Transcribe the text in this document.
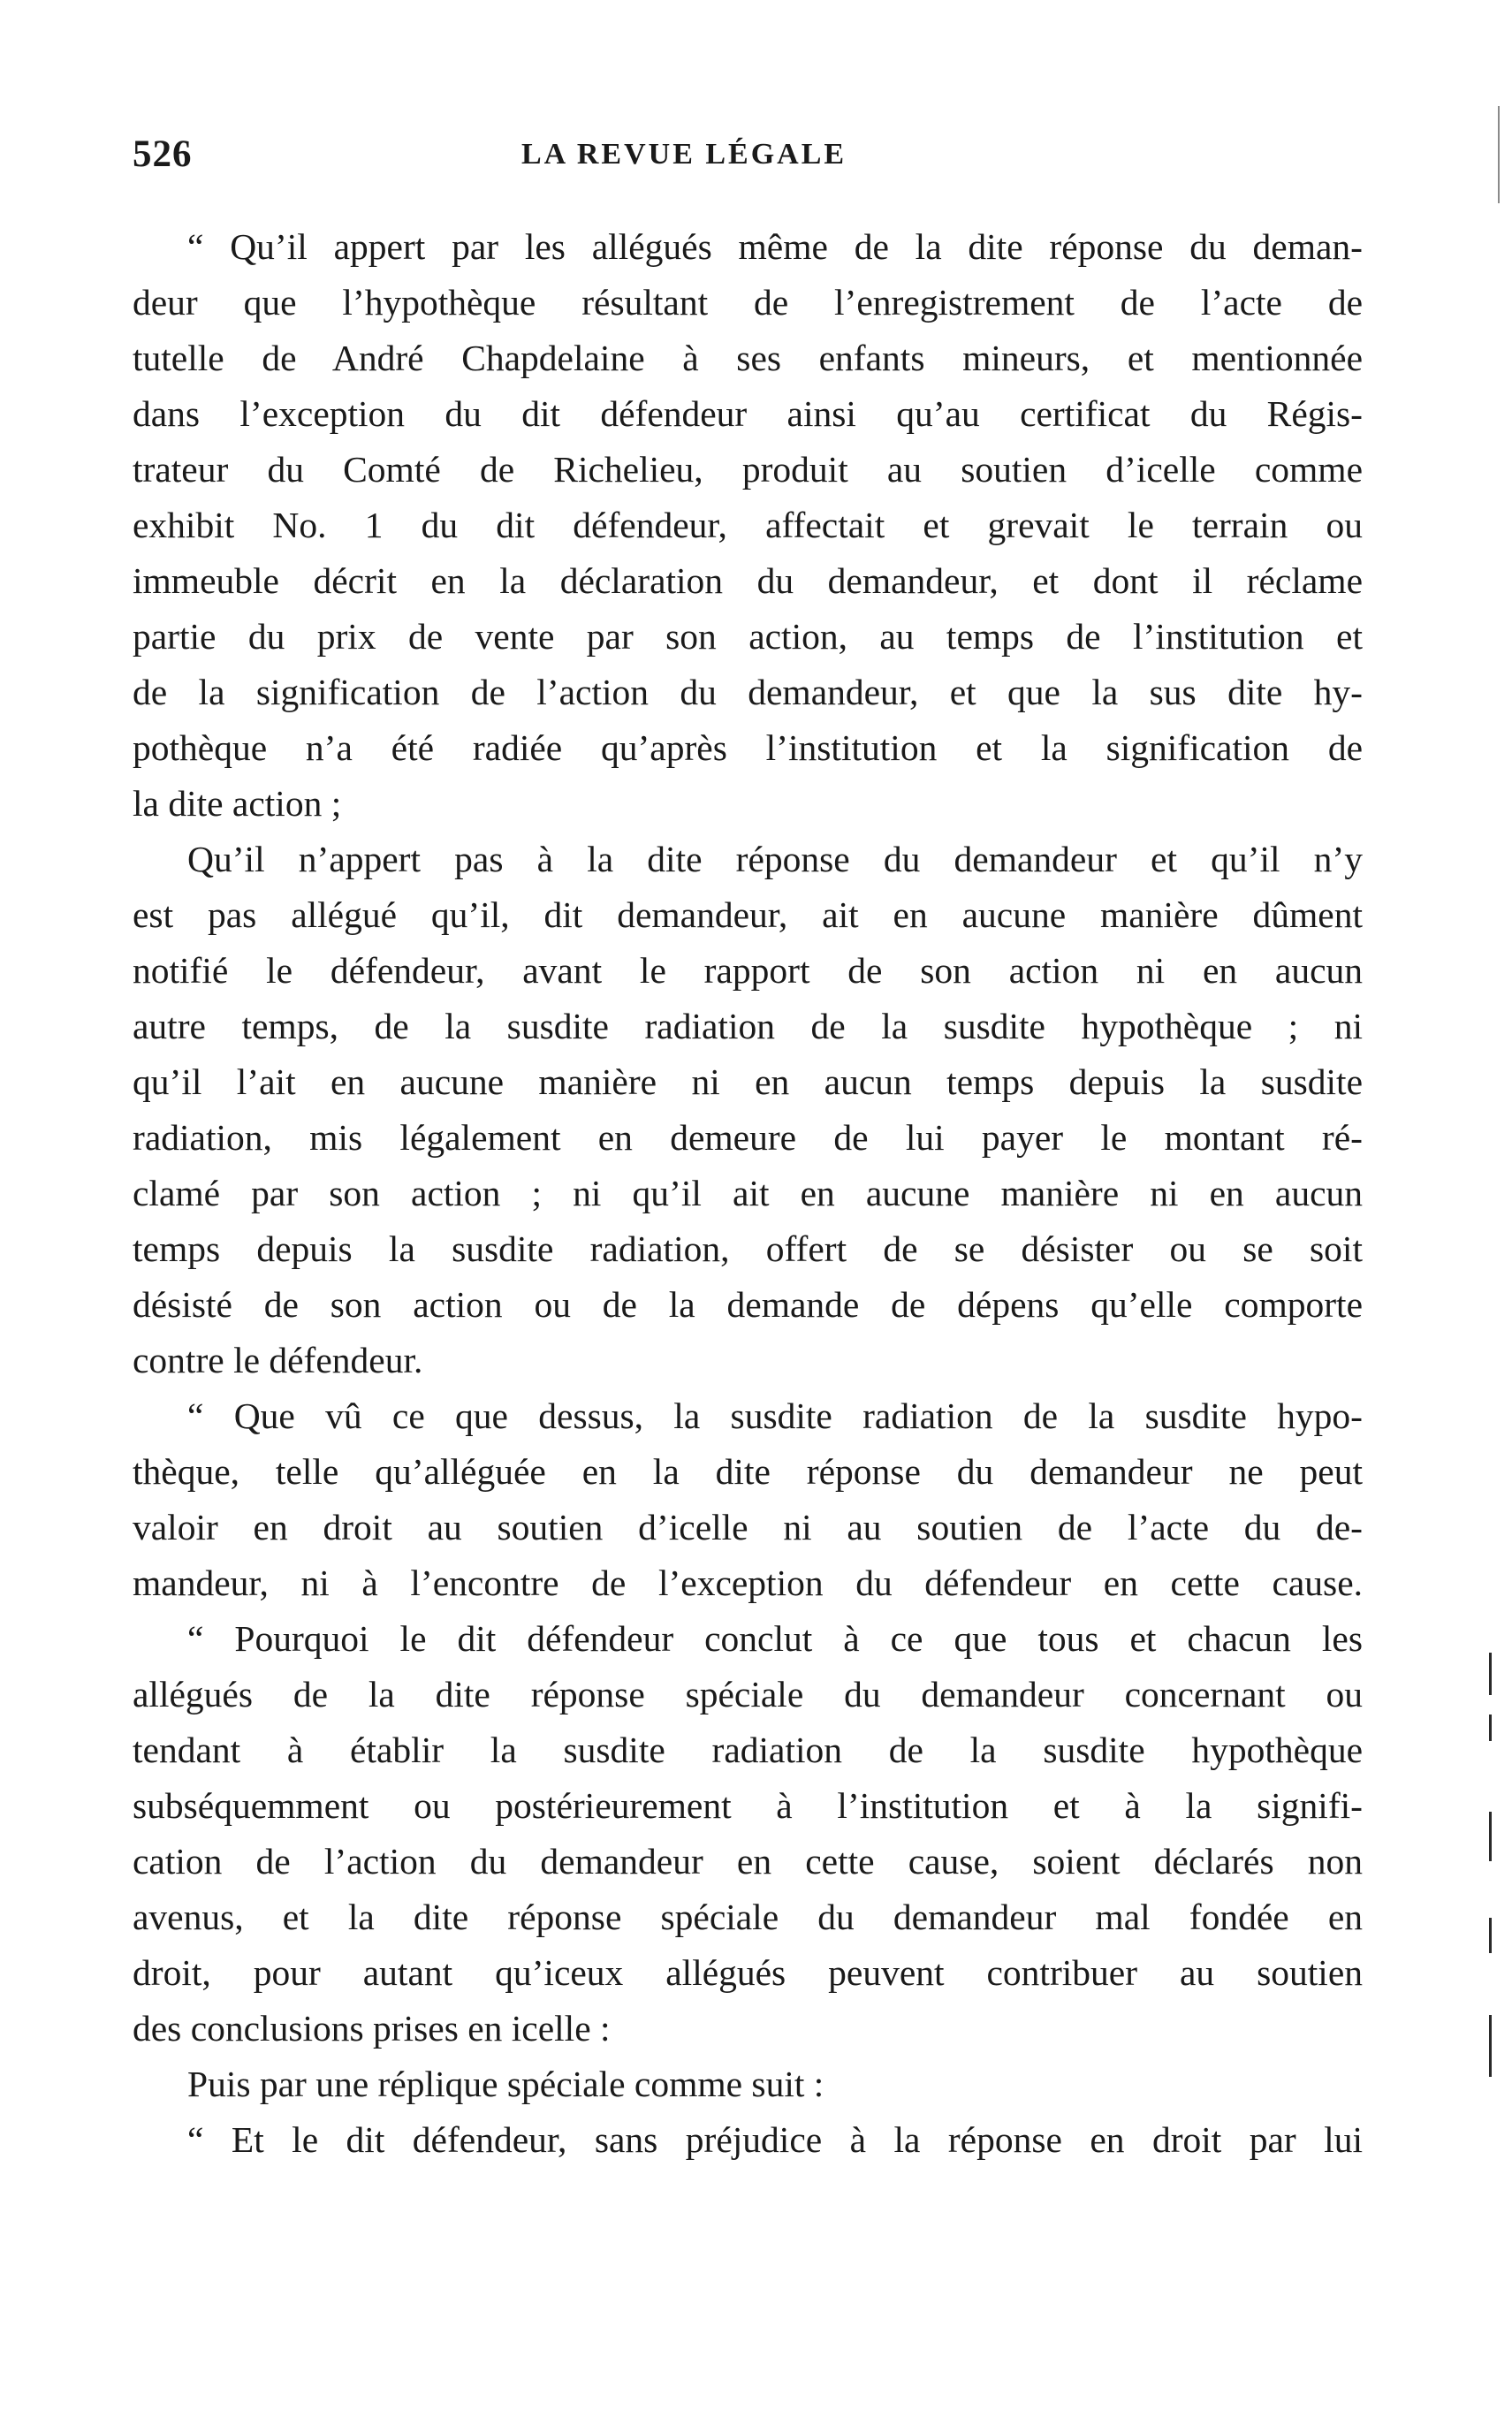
526	LA REVUE LÉGALE
“ Qu’il appert par les allégués même de la dite réponse du deman-
deur que l’hypothèque résultant de l’enregistrement de l’acte de
tutelle de André Chapdelaine à ses enfants mineurs, et mentionnée
dans l’exception du dit défendeur ainsi qu’au certificat du Régis-
trateur du Comté de Richelieu, produit au soutien d’icelle comme
exhibit No. 1 du dit défendeur, affectait et grevait le terrain ou
immeuble décrit en la déclaration du demandeur, et dont il réclame
partie du prix de vente par son action, au temps de l’institution et
de la signification de l’action du demandeur, et que la sus dite hy-
pothèque n’a été radiée qu’après l’institution et la signification de
la dite action ;
Qu’il n’appert pas à la dite réponse du demandeur et qu’il n’y
est pas allégué qu’il, dit demandeur, ait en aucune manière dûment
notifié le défendeur, avant le rapport de son action ni en aucun
autre temps, de la susdite radiation de la susdite hypothèque ; ni
qu’il l’ait en aucune manière ni en aucun temps depuis la susdite
radiation, mis légalement en demeure de lui payer le montant ré-
clamé par son action ; ni qu’il ait en aucune manière ni en aucun
temps depuis la susdite radiation, offert de se désister ou se soit
désisté de son action ou de la demande de dépens qu’elle comporte
contre le défendeur.
“ Que vû ce que dessus, la susdite radiation de la susdite hypo-
thèque, telle qu’alléguée en la dite réponse du demandeur ne peut
valoir en droit au soutien d’icelle ni au soutien de l’acte du de-
mandeur, ni à l’encontre de l’exception du défendeur en cette cause.
“ Pourquoi le dit défendeur conclut à ce que tous et chacun les
allégués de la dite réponse spéciale du demandeur concernant ou
tendant à établir la susdite radiation de la susdite hypothèque
subséquemment ou postérieurement à l’institution et à la signifi-
cation de l’action du demandeur en cette cause, soient déclarés non
avenus, et la dite réponse spéciale du demandeur mal fondée en
droit, pour autant qu’iceux allégués peuvent contribuer au soutien
des conclusions prises en icelle :
Puis par une réplique spéciale comme suit :
“ Et le dit défendeur, sans préjudice à la réponse en droit par lui
